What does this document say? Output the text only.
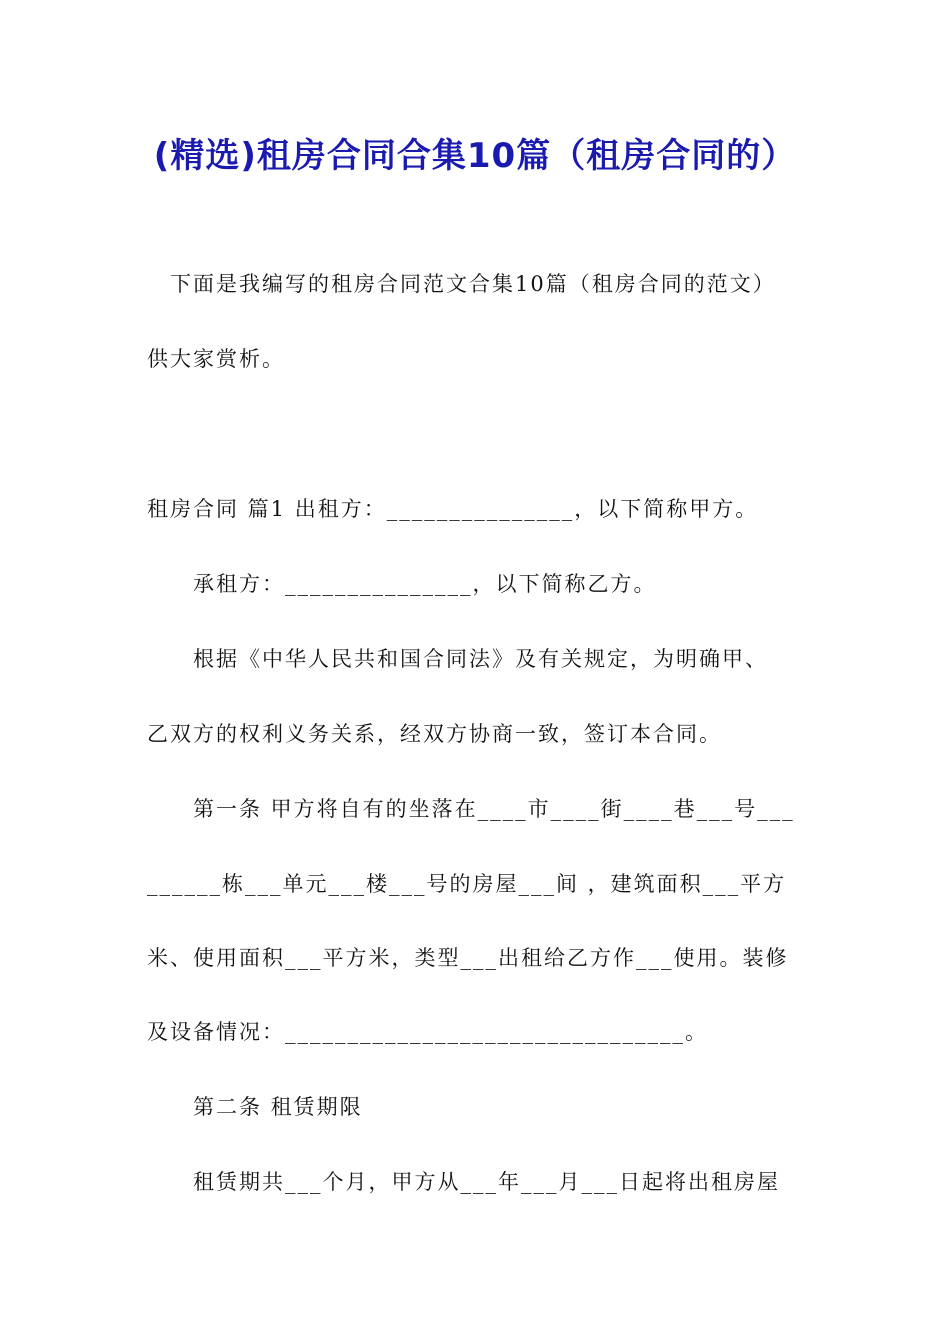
(精选)租房合同合集10篇（租房合同的）
下面是我编写的租房合同范文合集10篇（租房合同的范文）
供大家赏析。
租房合同 篇1 出租方：_______________，以下简称甲方。
承租方：_______________，以下简称乙方。
根据《中华人民共和国合同法》及有关规定，为明确甲、
乙双方的权利义务关系，经双方协商一致，签订本合同。
第一条 甲方将自有的坐落在____市____街____巷___号___
______栋___单元___楼___号的房屋___间 ，建筑面积___平方
米、使用面积___平方米，类型___出租给乙方作___使用。装修
及设备情况：________________________________。
第二条 租赁期限
租赁期共___个月，甲方从___年___月___日起将出租房屋
